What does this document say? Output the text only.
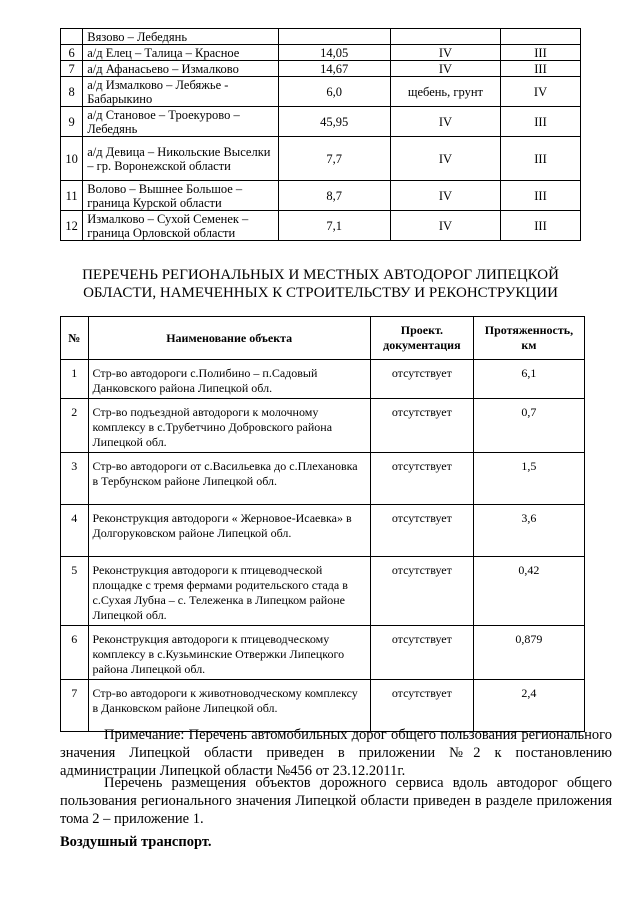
	Вязово – Лебедянь			
6	а/д Елец – Талица – Красное	14,05	IV	III
7	а/д Афанасьево – Измалково	14,67	IV	III
8	а/д Измалково – Лебяжье - Бабарыкино	6,0	щебень, грунт	IV
9	а/д Становое – Троекурово – Лебедянь	45,95	IV	III
10	а/д Девица – Никольские Выселки – гр. Воронежской области	7,7	IV	III
11	Волово – Вышнее Большое – граница Курской области	8,7	IV	III
12	Измалково – Сухой Семенек – граница Орловской области	7,1	IV	III
ПЕРЕЧЕНЬ РЕГИОНАЛЬНЫХ И МЕСТНЫХ АВТОДОРОГ ЛИПЕЦКОЙ
ОБЛАСТИ, НАМЕЧЕННЫХ К СТРОИТЕЛЬСТВУ И РЕКОНСТРУКЦИИ
№	Наименование объекта	Проект. документация	Протяженность, км
1	Стр-во автодороги с.Полибино – п.Садовый Данковского района Липецкой обл.	отсутствует	6,1
2	Стр-во подъездной автодороги к молочному комплексу в с.Трубетчино Добровского района Липецкой обл.	отсутствует	0,7
3	Стр-во автодороги от с.Васильевка до с.Плехановка в Тербунском районе Липецкой обл.	отсутствует	1,5
4	Реконструкция автодороги « Жерновое-Исаевка» в Долгоруковском районе Липецкой обл.	отсутствует	3,6
5	Реконструкция автодороги к птицеводческой площадке с тремя фермами родительского стада в с.Сухая Лубна – с. Тележенка в Липецком районе Липецкой обл.	отсутствует	0,42
6	Реконструкция автодороги к птицеводческому комплексу в с.Кузьминские Отвержки Липецкого района Липецкой обл.	отсутствует	0,879
7	Стр-во автодороги к животноводческому комплексу в Данковском районе Липецкой обл.	отсутствует	2,4
Примечание: Перечень автомобильных дорог общего пользования регионального значения Липецкой области приведен в приложении №2 к постановлению администрации Липецкой области №456 от 23.12.2011г.
Перечень размещения объектов дорожного сервиса вдоль автодорог общего пользования регионального значения Липецкой области приведен в разделе приложения тома 2 – приложение 1.
Воздушный транспорт.
